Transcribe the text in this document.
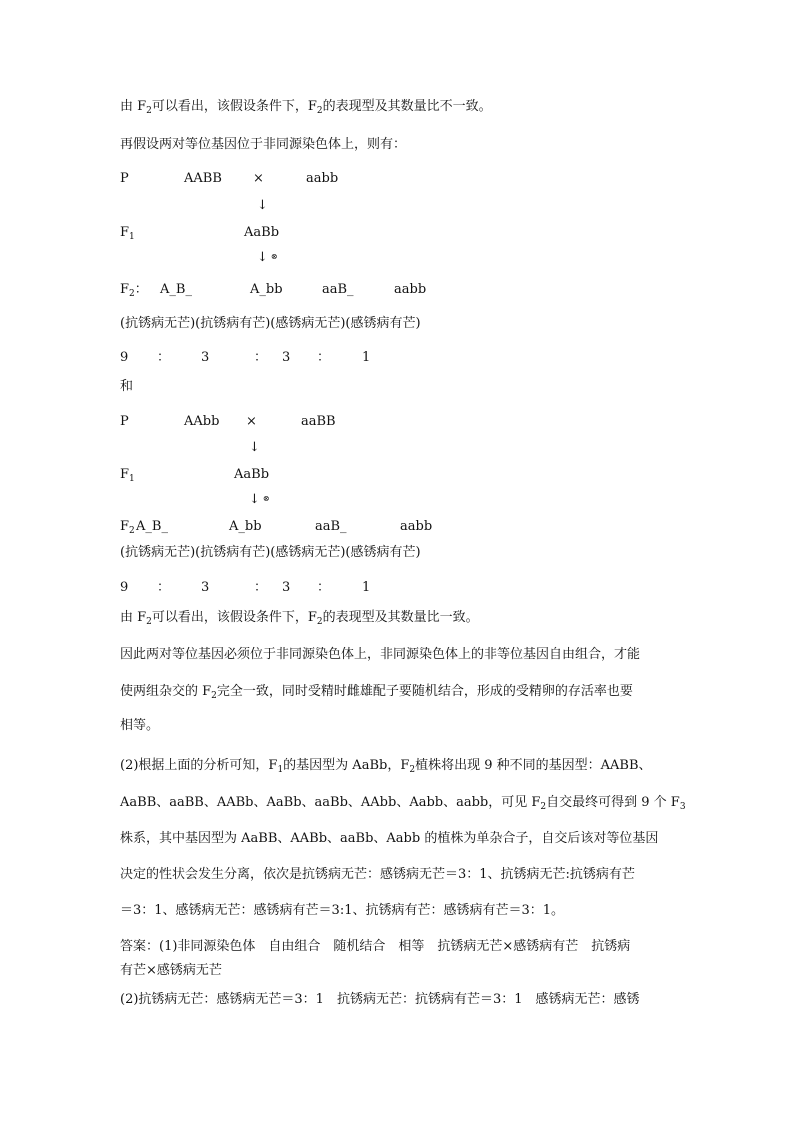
由 $F_2$可以看出，该假设条件下，$F_2$的表现型及其数量比不一致。
再假设两对等位基因位于非同源染色体上，则有：
P	AABB ×	aabb
↓
$F_1$	AaBb
↓ ⊗
$F_2$： A_B_	A_bb	aaB_	aabb
(抗锈病无芒)(抗锈病有芒)(感锈病无芒)(感锈病有芒)
9 ： 3	： 3 ： 1
和
P	AAbb ×	aaBB
↓
$F_1$	AaBb
↓ ⊗
$F_2$ A_B_	A_bb	aaB_	aabb
(抗锈病无芒)(抗锈病有芒)(感锈病无芒)(感锈病有芒)
9 ： 3	： 3 ： 1
由 $F_2$可以看出，该假设条件下，$F_2$的表现型及其数量比一致。
因此两对等位基因必须位于非同源染色体上，非同源染色体上的非等位基因自由组合，才能
使两组杂交的 $F_2$完全一致，同时受精时雌雄配子要随机结合，形成的受精卵的存活率也要
相等。
(2)根据上面的分析可知，$F_1$的基因型为 AaBb，$F_2$植株将出现 9 种不同的基因型：AABB、
AaBB、aaBB、AABb、AaBb、aaBb、AAbb、Aabb、aabb，可见 $F_2$自交最终可得到 9 个 $F_3$
株系，其中基因型为 AaBB、AABb、aaBb、Aabb 的植株为单杂合子，自交后该对等位基因
决定的性状会发生分离，依次是抗锈病无芒：感锈病无芒＝3：1、抗锈病无芒:抗锈病有芒
＝3：1、感锈病无芒：感锈病有芒＝3:1、抗锈病有芒：感锈病有芒＝3：1。
答案：(1)非同源染色体　自由组合　随机结合　相等　抗锈病无芒×感锈病有芒　抗锈病
有芒×感锈病无芒
(2)抗锈病无芒：感锈病无芒＝3：1　抗锈病无芒：抗锈病有芒＝3：1　感锈病无芒：感锈
